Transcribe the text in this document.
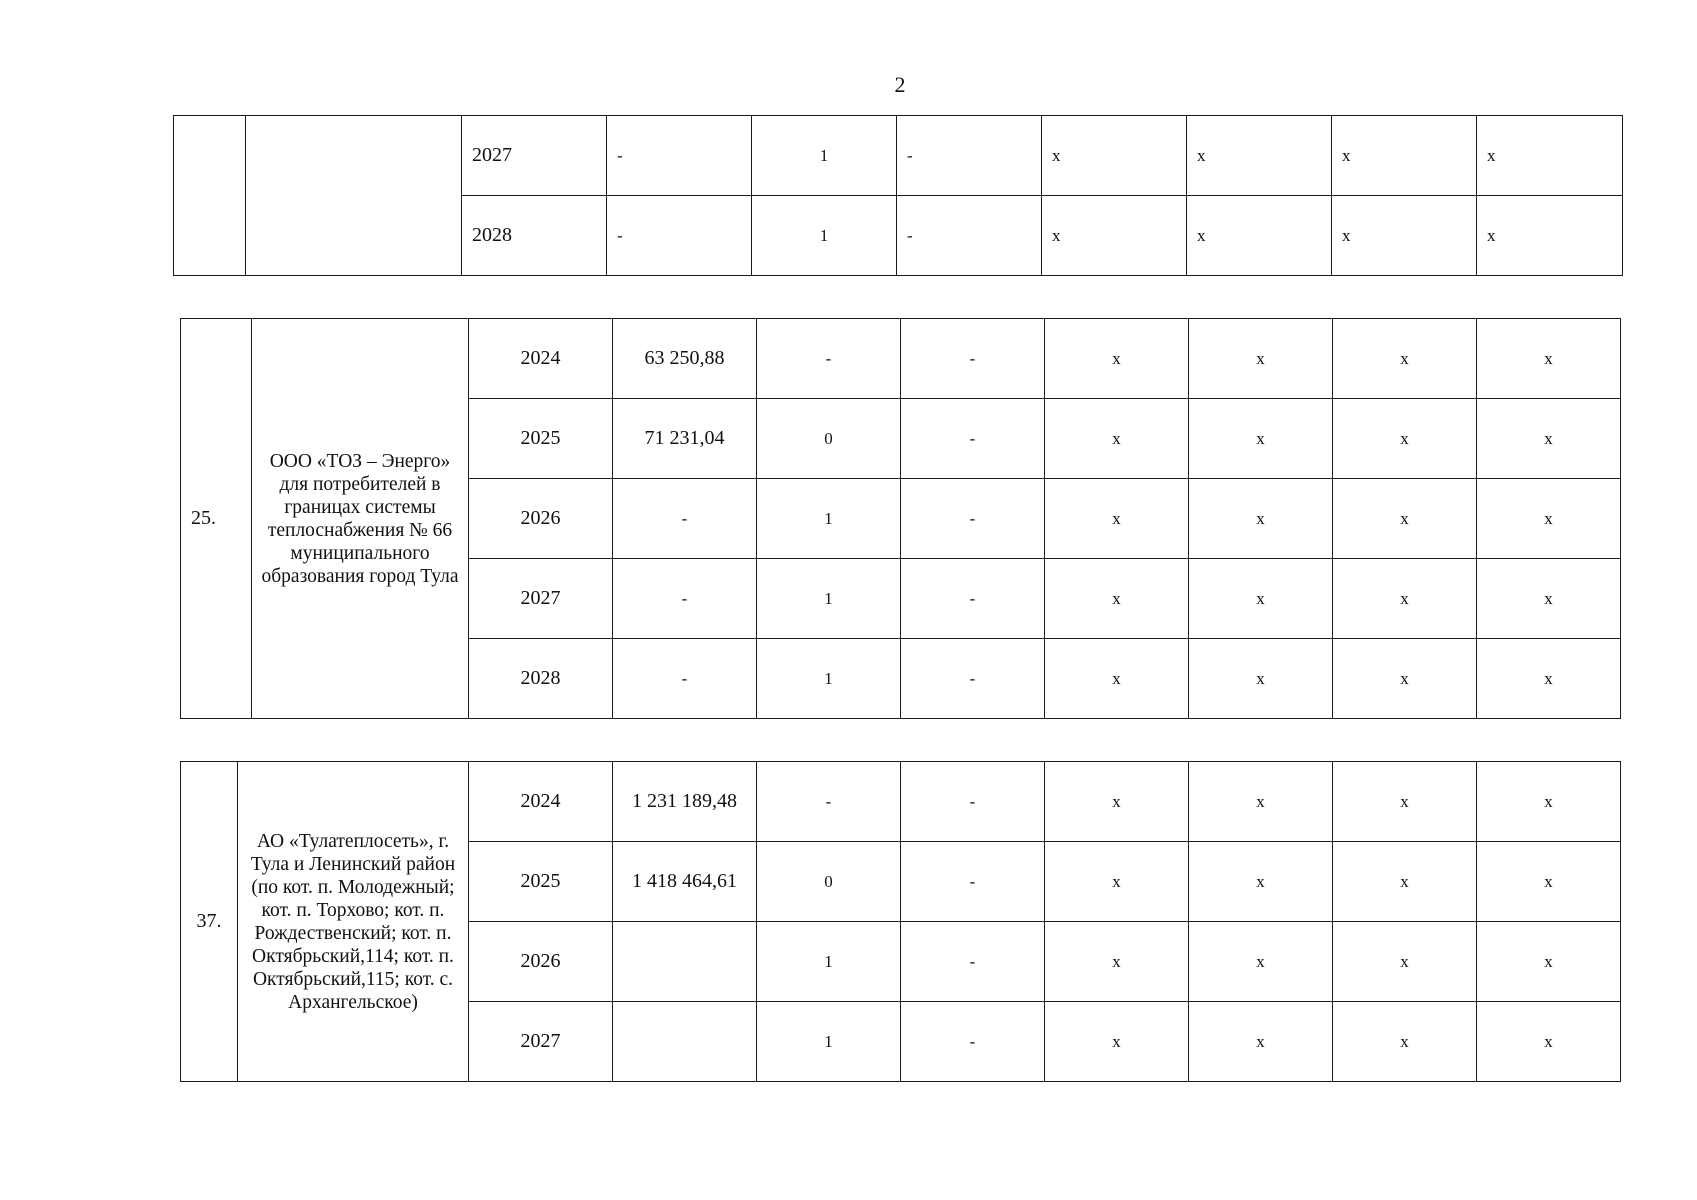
2
		2027	-	1	-	x	x	x	x
		2028	-	1	-	x	x	x	x
25.	ООО «ТОЗ – Энерго» для потребителей в границах системы теплоснабжения № 66 муниципального образования город Тула	2024	63 250,88	-	-	x	x	x	x
		2025	71 231,04	0	-	x	x	x	x
		2026	-	1	-	x	x	x	x
		2027	-	1	-	x	x	x	x
		2028	-	1	-	x	x	x	x
37.	АО «Тулатеплосеть», г. Тула и Ленинский район (по кот. п. Молодежный; кот. п. Торхово; кот. п. Рождественский; кот. п. Октябрьский,114; кот. п. Октябрьский,115; кот. с. Архангельское)	2024	1 231 189,48	-	-	x	x	x	x
		2025	1 418 464,61	0	-	x	x	x	x
		2026		1	-	x	x	x	x
		2027		1	-	x	x	x	x
